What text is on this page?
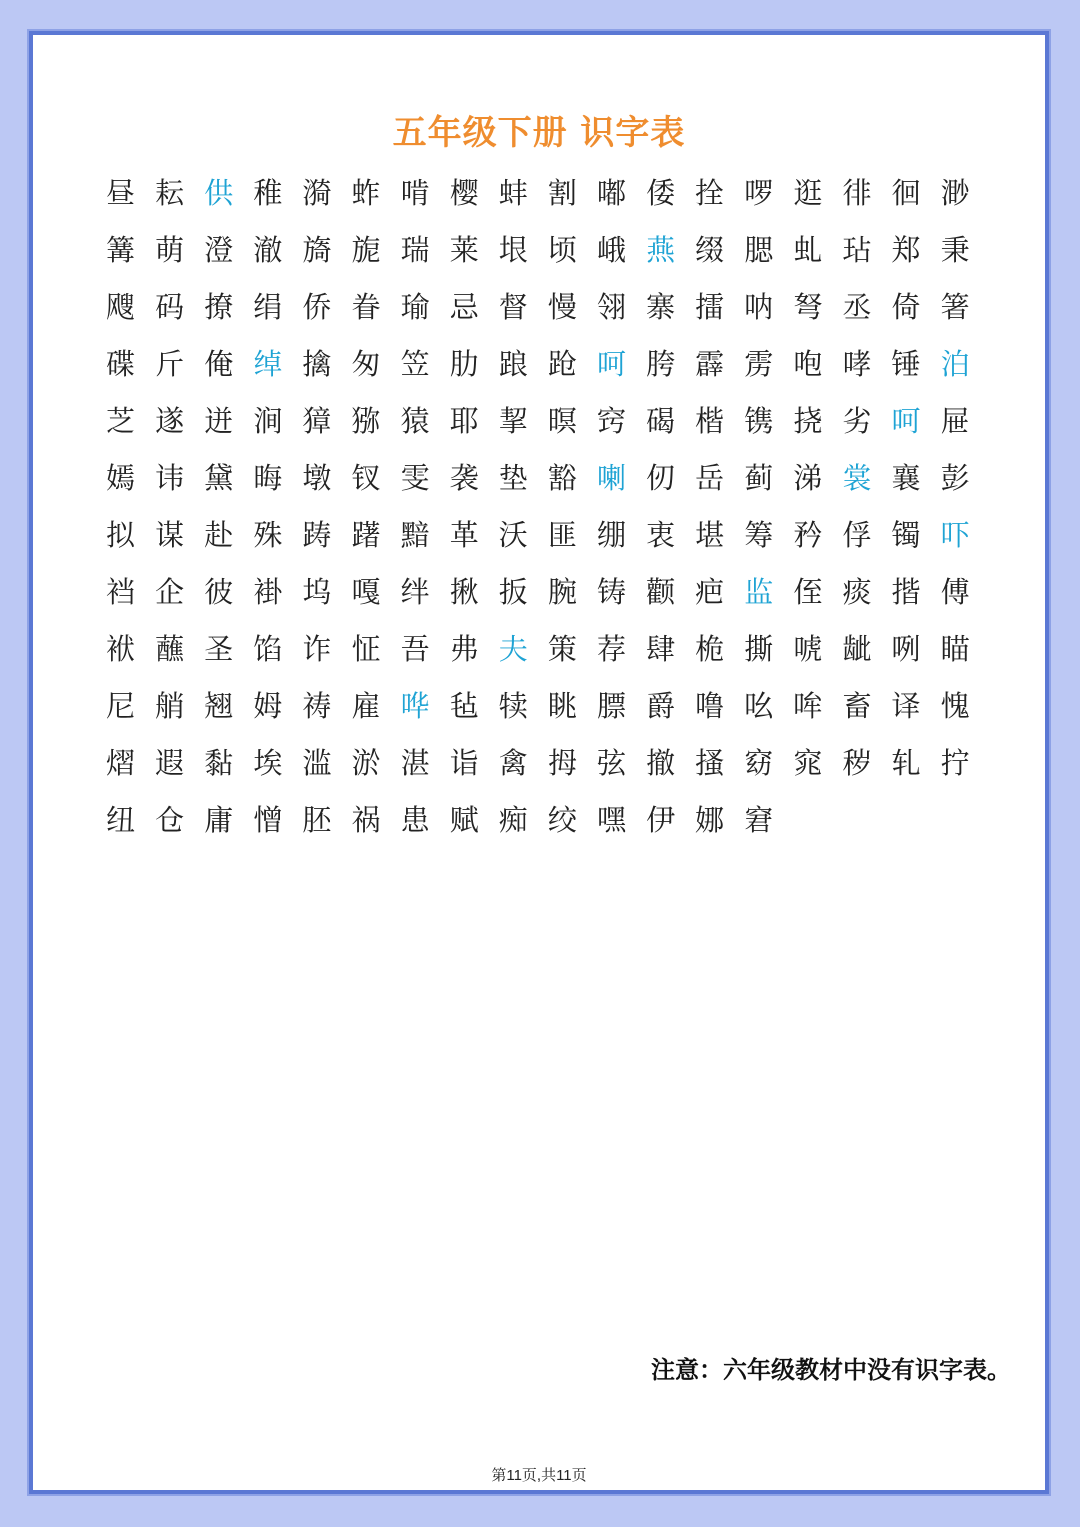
五年级下册 识字表
昼 耘 供 稚 漪 蚱 啃 樱 蚌 割 嘟 倭 拴 啰 逛 徘 徊 渺
篝 萌 澄 澈 旖 旎 瑞 莱 垠 顷 峨 燕 缀 腮 虬 玷 郑 秉
飕 码 撩 绢 侨 眷 瑜 忌 督 慢 翎 寨 擂 呐 弩 丞 倚 箸
碟 斤 俺 绰 擒 匆 笠 肋 踉 跄 呵 胯 霹 雳 咆 哮 锤 泊
芝 遂 迸 涧 獐 猕 猿 耶 挈 暝 窍 碣 楷 镌 挠 劣 呵 屉
嫣 讳 黛 晦 墩 钗 雯 袭 垫 豁 喇 仞 岳 蓟 涕 裳 襄 彭
拟 谋 赴 殊 踌 躇 黯 革 沃 匪 绷 衷 堪 筹 矜 俘 镯 吓
裆 企 彼 褂 坞 嘎 绊 揪 扳 腕 铸 颧 疤 监 侄 痰 揩 傅
袱 蘸 圣 馅 诈 怔 吾 弗 夫 策 荐 肆 桅 撕 唬 龇 咧 瞄
尼 艄 翘 姆 祷 雇 哗 毡 犊 眺 膘 爵 噜 吆 哞 畜 译 愧
熠 遐 黏 埃 滥 淤 湛 诣 禽 拇 弦 撤 搔 窈 窕 秽 轧 拧
纽 仓 庸 憎 胚 祸 患 赋 痴 绞 嘿 伊 娜 窘
注意：六年级教材中没有识字表。
第11页,共11页
